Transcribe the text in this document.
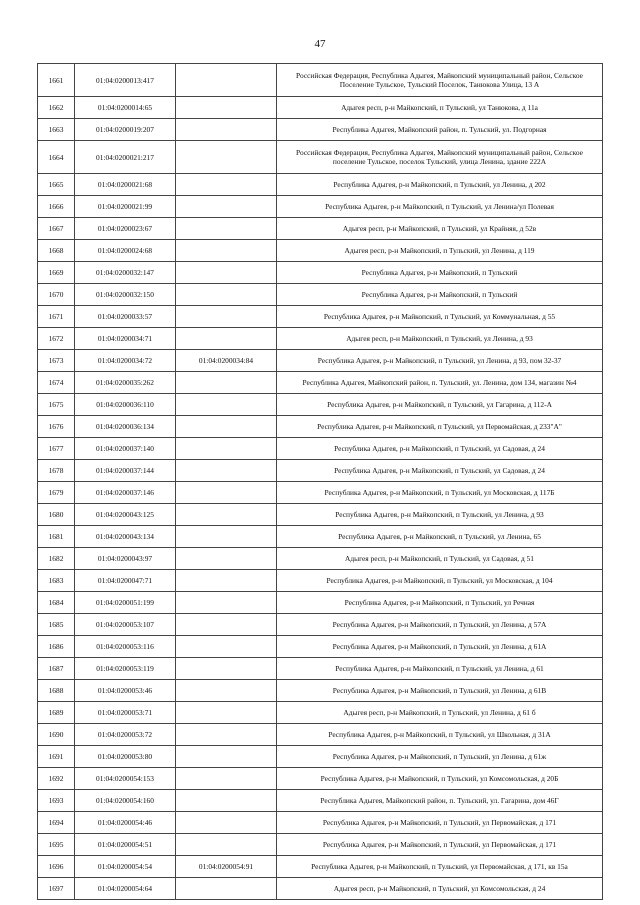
47
1661	01:04:0200013:417		Российская Федерация, Республика Адыгея, Майкопский муниципальный район, Сельское Поселение Тульское, Тульский Поселок, Танюкова Улица, 13 А
1662	01:04:0200014:65		Адыгея респ, р-н Майкопский, п Тульский, ул Танюкова, д 11а
1663	01:04:0200019:207		Республика Адыгея, Майкопский район, п. Тульский, ул. Подгорная
1664	01:04:0200021:217		Российская Федерация, Республика Адыгея, Майкопский муниципальный район, Сельское поселение Тульское, поселок Тульский, улица Ленина, здание 222А
1665	01:04:0200021:68		Республика Адыгея, р-н Майкопский, п Тульский, ул Ленина, д 202
1666	01:04:0200021:99		Республика Адыгея, р-н Майкопский, п Тульский, ул Ленина/ул Полевая
1667	01:04:0200023:67		Адыгея респ, р-н Майкопский, п Тульский, ул Крайняя, д 52в
1668	01:04:0200024:68		Адыгея респ, р-н Майкопский, п Тульский, ул Ленина, д 119
1669	01:04:0200032:147		Республика Адыгея, р-н Майкопский, п Тульский
1670	01:04:0200032:150		Республика Адыгея, р-н Майкопский, п Тульский
1671	01:04:0200033:57		Республика Адыгея, р-н Майкопский, п Тульский, ул Коммунальная, д 55
1672	01:04:0200034:71		Адыгея респ, р-н Майкопский, п Тульский, ул Ленина, д 93
1673	01:04:0200034:72	01:04:0200034:84	Республика Адыгея, р-н Майкопский, п Тульский, ул Ленина, д 93, пом 32-37
1674	01:04:0200035:262		Республика Адыгея, Майкопский район, п. Тульский, ул. Ленина, дом 134, магазин №4
1675	01:04:0200036:110		Республика Адыгея, р-н Майкопский, п Тульский, ул Гагарина, д 112-А
1676	01:04:0200036:134		Республика Адыгея, р-н Майкопский, п Тульский, ул Первомайская, д 233"А"
1677	01:04:0200037:140		Республика Адыгея, р-н Майкопский, п Тульский, ул Садовая, д 24
1678	01:04:0200037:144		Республика Адыгея, р-н Майкопский, п Тульский, ул Садовая, д 24
1679	01:04:0200037:146		Республика Адыгея, р-н Майкопский, п Тульский, ул Московская, д 117Б
1680	01:04:0200043:125		Республика Адыгея, р-н Майкопский, п Тульский, ул Ленина, д 93
1681	01:04:0200043:134		Республика Адыгея, р-н Майкопский, п Тульский, ул Ленина, 65
1682	01:04:0200043:97		Адыгея респ, р-н Майкопский, п Тульский, ул Садовая, д 51
1683	01:04:0200047:71		Республика Адыгея, р-н Майкопский, п Тульский, ул Московская, д 104
1684	01:04:0200051:199		Республика Адыгея, р-н Майкопский, п Тульский, ул Речная
1685	01:04:0200053:107		Республика Адыгея, р-н Майкопский, п Тульский, ул Ленина, д 57А
1686	01:04:0200053:116		Республика Адыгея, р-н Майкопский, п Тульский, ул Ленина, д 61А
1687	01:04:0200053:119		Республика Адыгея, р-н Майкопский, п Тульский, ул Ленина, д 61
1688	01:04:0200053:46		Республика Адыгея, р-н Майкопский, п Тульский, ул Ленина, д 61В
1689	01:04:0200053:71		Адыгея респ, р-н Майкопский, п Тульский, ул Ленина, д 61 б
1690	01:04:0200053:72		Республика Адыгея, р-н Майкопский, п Тульский, ул Школьная, д 31А
1691	01:04:0200053:80		Республика Адыгея, р-н Майкопский, п Тульский, ул Ленина, д 61ж
1692	01:04:0200054:153		Республика Адыгея, р-н Майкопский, п Тульский, ул Комсомольская, д 20Б
1693	01:04:0200054:160		Республика Адыгея, Майкопский район, п. Тульский, ул. Гагарина, дом 46Г
1694	01:04:0200054:46		Республика Адыгея, р-н Майкопский, п Тульский, ул Первомайская, д 171
1695	01:04:0200054:51		Республика Адыгея, р-н Майкопский, п Тульский, ул Первомайская, д 171
1696	01:04:0200054:54	01:04:0200054:91	Республика Адыгея, р-н Майкопский, п Тульский, ул Первомайская, д 171, кв 15а
1697	01:04:0200054:64		Адыгея респ, р-н Майкопский, п Тульский, ул Комсомольская, д 24
